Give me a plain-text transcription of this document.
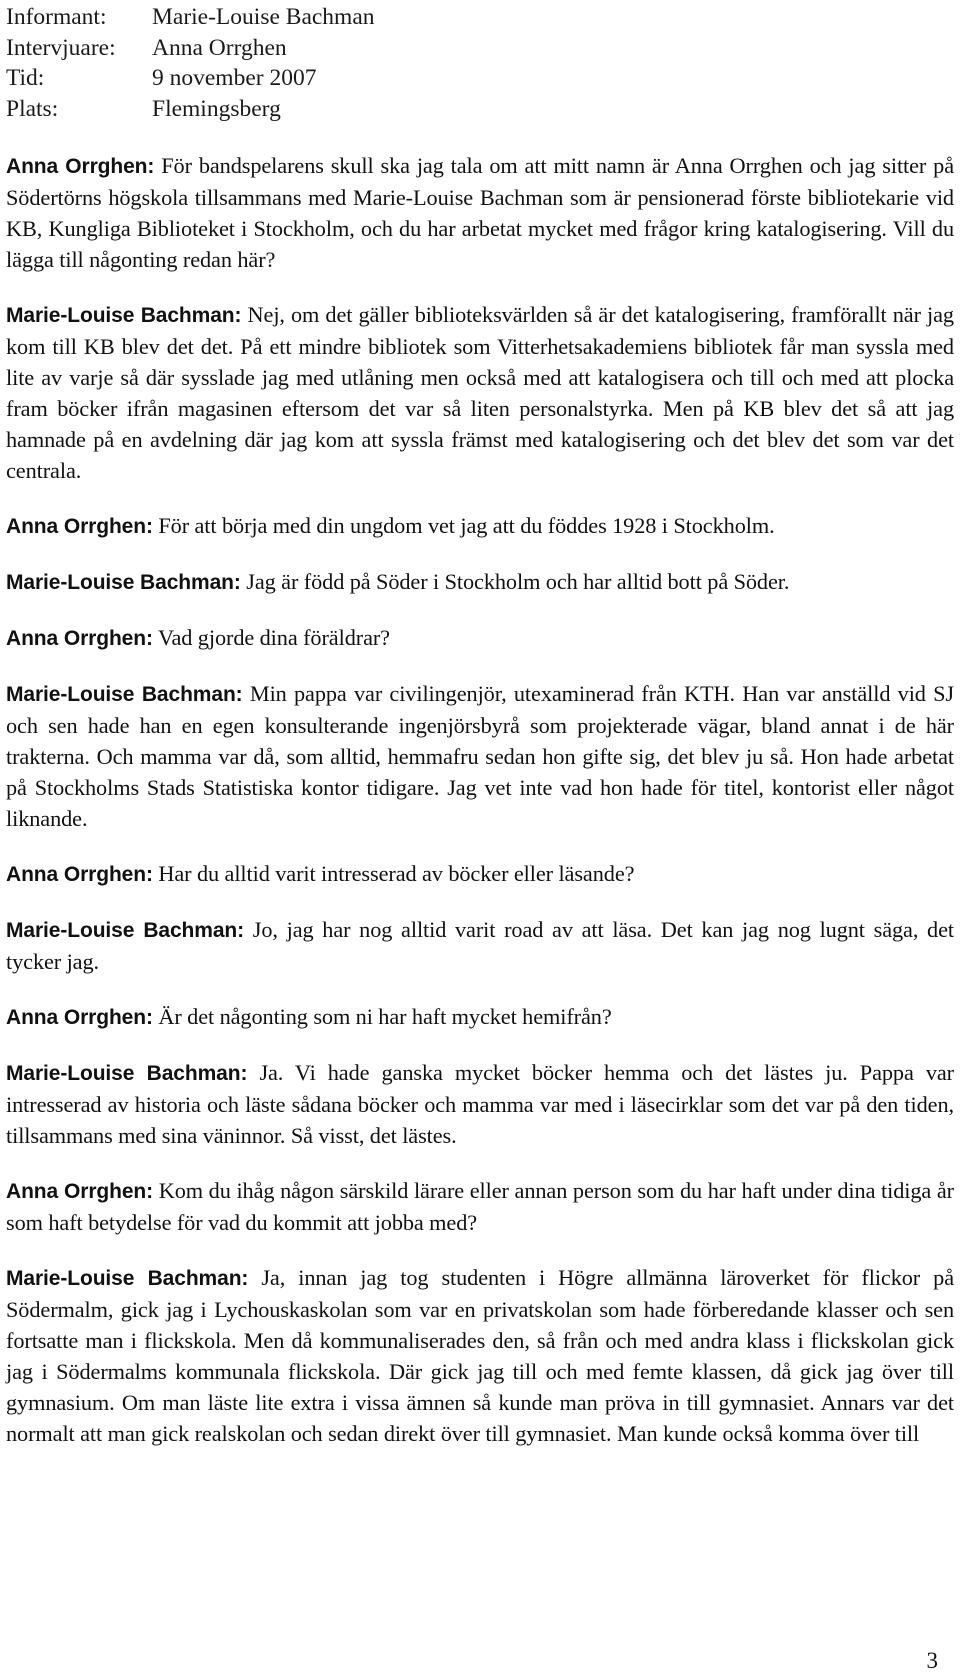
Informant:	Marie-Louise Bachman
Intervjuare:	Anna Orrghen
Tid:	9 november 2007
Plats:	Flemingsberg

Anna Orrghen: För bandspelarens skull ska jag tala om att mitt namn är Anna Orrghen och jag sitter på Södertörns högskola tillsammans med Marie-Louise Bachman som är pensionerad förste bibliotekarie vid KB, Kungliga Biblioteket i Stockholm, och du har arbetat mycket med frågor kring katalogisering. Vill du lägga till någonting redan här?

Marie-Louise Bachman: Nej, om det gäller biblioteksvärlden så är det katalogisering, framförallt när jag kom till KB blev det det. På ett mindre bibliotek som Vitterhetsakademiens bibliotek får man syssla med lite av varje så där sysslade jag med utlåning men också med att katalogisera och till och med att plocka fram böcker ifrån magasinen eftersom det var så liten personalstyrka. Men på KB blev det så att jag hamnade på en avdelning där jag kom att syssla främst med katalogisering och det blev det som var det centrala.

Anna Orrghen: För att börja med din ungdom vet jag att du föddes 1928 i Stockholm.

Marie-Louise Bachman: Jag är född på Söder i Stockholm och har alltid bott på Söder.

Anna Orrghen: Vad gjorde dina föräldrar?

Marie-Louise Bachman: Min pappa var civilingenjör, utexaminerad från KTH. Han var anställd vid SJ och sen hade han en egen konsulterande ingenjörsbyrå som projekterade vägar, bland annat i de här trakterna. Och mamma var då, som alltid, hemmafru sedan hon gifte sig, det blev ju så. Hon hade arbetat på Stockholms Stads Statistiska kontor tidigare. Jag vet inte vad hon hade för titel, kontorist eller något liknande.

Anna Orrghen: Har du alltid varit intresserad av böcker eller läsande?

Marie-Louise Bachman: Jo, jag har nog alltid varit road av att läsa. Det kan jag nog lugnt säga, det tycker jag.

Anna Orrghen: Är det någonting som ni har haft mycket hemifrån?

Marie-Louise Bachman: Ja. Vi hade ganska mycket böcker hemma och det lästes ju. Pappa var intresserad av historia och läste sådana böcker och mamma var med i läsecirklar som det var på den tiden, tillsammans med sina väninnor. Så visst, det lästes.

Anna Orrghen: Kom du ihåg någon särskild lärare eller annan person som du har haft under dina tidiga år som haft betydelse för vad du kommit att jobba med?

Marie-Louise Bachman: Ja, innan jag tog studenten i Högre allmänna läroverket för flickor på Södermalm, gick jag i Lychouskaskolan som var en privatskolan som hade förberedande klasser och sen fortsatte man i flickskola. Men då kommunaliserades den, så från och med andra klass i flickskolan gick jag i Södermalms kommunala flickskola. Där gick jag till och med femte klassen, då gick jag över till gymnasium. Om man läste lite extra i vissa ämnen så kunde man pröva in till gymnasiet. Annars var det normalt att man gick realskolan och sedan direkt över till gymnasiet. Man kunde också komma över till

3
